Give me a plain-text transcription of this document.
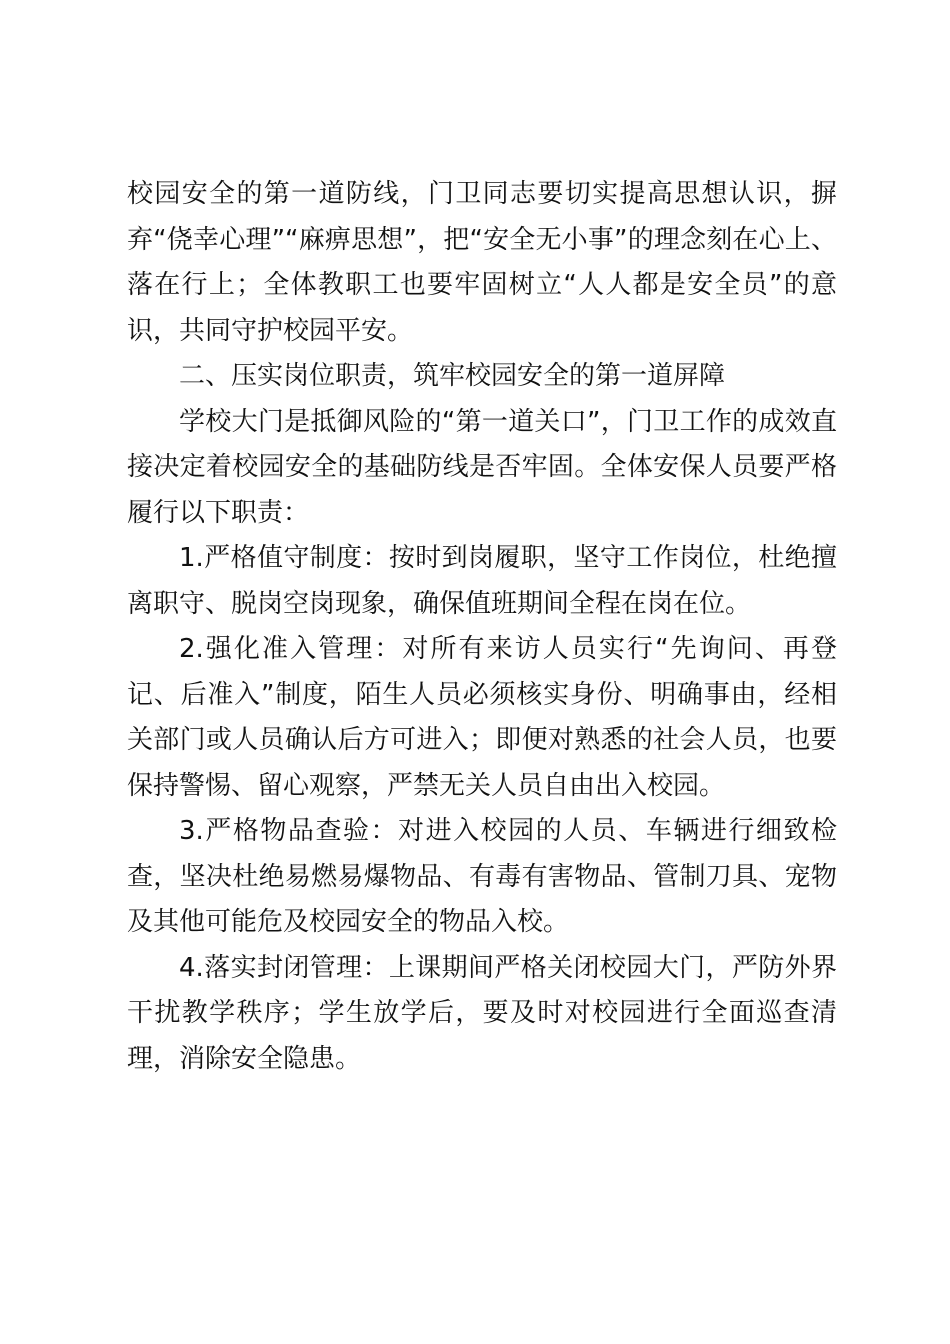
校园安全的第一道防线，门卫同志要切实提高思想认识，摒弃“侥幸心理”“麻痹思想”，把“安全无小事”的理念刻在心上、落在行上；全体教职工也要牢固树立“人人都是安全员”的意识，共同守护校园平安。

二、压实岗位职责，筑牢校园安全的第一道屏障

学校大门是抵御风险的“第一道关口”，门卫工作的成效直接决定着校园安全的基础防线是否牢固。全体安保人员要严格履行以下职责：

1.严格值守制度：按时到岗履职，坚守工作岗位，杜绝擅离职守、脱岗空岗现象，确保值班期间全程在岗在位。

2.强化准入管理：对所有来访人员实行“先询问、再登记、后准入”制度，陌生人员必须核实身份、明确事由，经相关部门或人员确认后方可进入；即便对熟悉的社会人员，也要保持警惕、留心观察，严禁无关人员自由出入校园。

3.严格物品查验：对进入校园的人员、车辆进行细致检查，坚决杜绝易燃易爆物品、有毒有害物品、管制刀具、宠物及其他可能危及校园安全的物品入校。

4.落实封闭管理：上课期间严格关闭校园大门，严防外界干扰教学秩序；学生放学后，要及时对校园进行全面巡查清理，消除安全隐患。
